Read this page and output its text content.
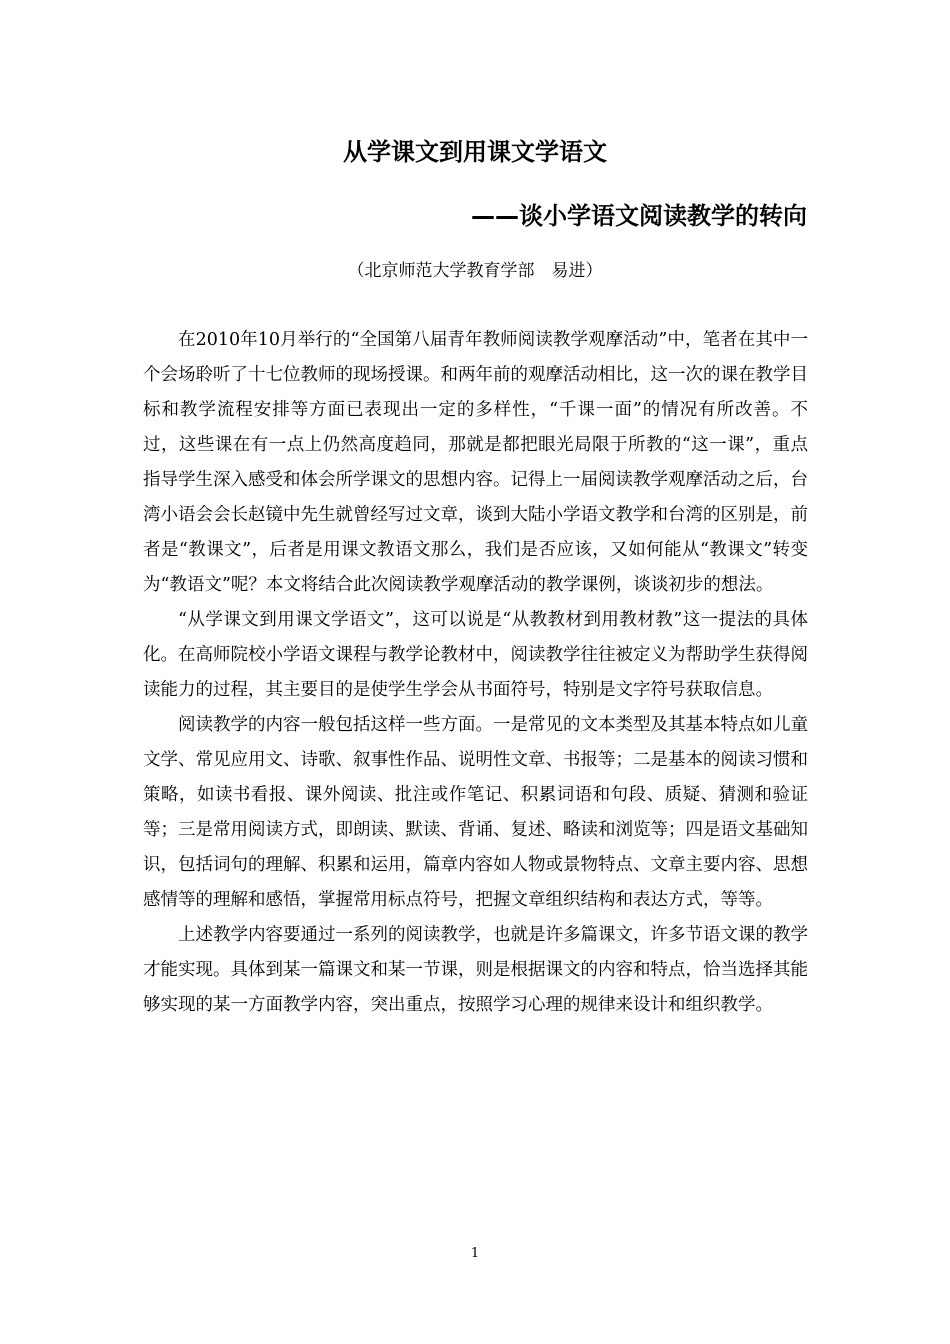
从学课文到用课文学语文
——谈小学语文阅读教学的转向

（北京师范大学教育学部　易进）

在2010年10月举行的“全国第八届青年教师阅读教学观摩活动”中，笔者在其中一个会场聆听了十七位教师的现场授课。和两年前的观摩活动相比，这一次的课在教学目标和教学流程安排等方面已表现出一定的多样性，“千课一面”的情况有所改善。不过，这些课在有一点上仍然高度趋同，那就是都把眼光局限于所教的“这一课”，重点指导学生深入感受和体会所学课文的思想内容。记得上一届阅读教学观摩活动之后，台湾小语会会长赵镜中先生就曾经写过文章，谈到大陆小学语文教学和台湾的区别是，前者是“教课文”，后者是用课文教语文那么，我们是否应该，又如何能从“教课文”转变为“教语文”呢？本文将结合此次阅读教学观摩活动的教学课例，谈谈初步的想法。

“从学课文到用课文学语文”，这可以说是“从教教材到用教材教”这一提法的具体化。在高师院校小学语文课程与教学论教材中，阅读教学往往被定义为帮助学生获得阅读能力的过程，其主要目的是使学生学会从书面符号，特别是文字符号获取信息。

阅读教学的内容一般包括这样一些方面。一是常见的文本类型及其基本特点如儿童文学、常见应用文、诗歌、叙事性作品、说明性文章、书报等；二是基本的阅读习惯和策略，如读书看报、课外阅读、批注或作笔记、积累词语和句段、质疑、猜测和验证等；三是常用阅读方式，即朗读、默读、背诵、复述、略读和浏览等；四是语文基础知识，包括词句的理解、积累和运用，篇章内容如人物或景物特点、文章主要内容、思想感情等的理解和感悟，掌握常用标点符号，把握文章组织结构和表达方式，等等。

上述教学内容要通过一系列的阅读教学，也就是许多篇课文，许多节语文课的教学才能实现。具体到某一篇课文和某一节课，则是根据课文的内容和特点，恰当选择其能够实现的某一方面教学内容，突出重点，按照学习心理的规律来设计和组织教学。

1
